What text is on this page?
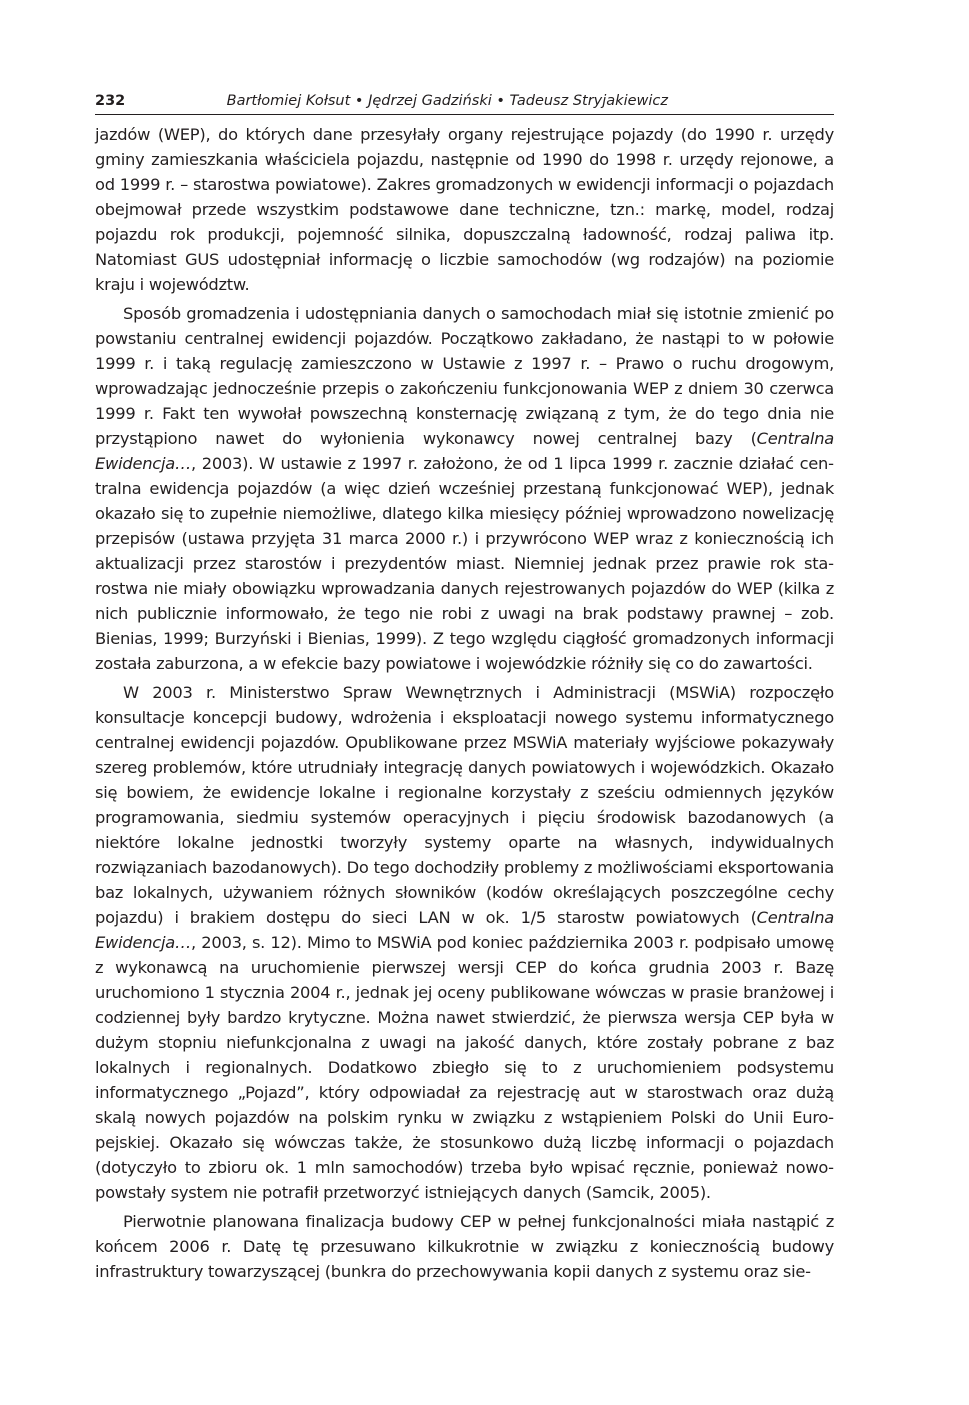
232	Bartłomiej Kołsut • Jędrzej Gadziński • Tadeusz Stryjakiewicz

jazdów (WEP), do których dane przesyłały organy rejestrujące pojazdy (do 1990 r. urzędy gminy zamieszkania właściciela pojazdu, następnie od 1990 do 1998 r. urzędy rejonowe, a od 1999 r. – starostwa powiatowe). Zakres gromadzonych w ewidencji informacji o pojazdach obejmował przede wszystkim podstawowe dane techniczne, tzn.: markę, model, rodzaj pojazdu rok produkcji, pojemność silnika, dopuszczalną ładowność, rodzaj paliwa itp. Natomiast GUS udostępniał informację o liczbie samochodów (wg rodzajów) na poziomie kraju i województw.

Sposób gromadzenia i udostępniania danych o samochodach miał się istotnie zmienić po powstaniu centralnej ewidencji pojazdów. Początkowo zakładano, że nastąpi to w połowie 1999 r. i taką regulację zamieszczono w Ustawie z 1997 r. – Prawo o ruchu drogowym, wprowadzając jednocześnie przepis o zakończeniu funkcjonowania WEP z dniem 30 czerwca 1999 r. Fakt ten wywołał powszechną konsternację związaną z tym, że do tego dnia nie przystąpiono nawet do wyłonienia wykonawcy nowej centralnej bazy (Centralna Ewidencja…, 2003). W ustawie z 1997 r. założono, że od 1 lipca 1999 r. zacznie działać centralna ewidencja pojazdów (a więc dzień wcześniej przestaną funkcjonować WEP), jednak okazało się to zupełnie niemożliwe, dlatego kilka miesięcy później wprowadzono nowelizację przepisów (ustawa przyjęta 31 marca 2000 r.) i przywrócono WEP wraz z koniecznością ich aktualizacji przez starostów i prezydentów miast. Niemniej jednak przez prawie rok starostwa nie miały obowiązku wprowadzania danych rejestrowanych pojazdów do WEP (kilka z nich publicznie informowało, że tego nie robi z uwagi na brak podstawy prawnej – zob. Bienias, 1999; Burzyński i Bienias, 1999). Z tego względu ciągłość gromadzonych informacji została zaburzona, a w efekcie bazy powiatowe i wojewódzkie różniły się co do zawartości.

W 2003 r. Ministerstwo Spraw Wewnętrznych i Administracji (MSWiA) rozpoczęło konsultacje koncepcji budowy, wdrożenia i eksploatacji nowego systemu informatycznego centralnej ewidencji pojazdów. Opublikowane przez MSWiA materiały wyjściowe pokazywały szereg problemów, które utrudniały integrację danych powiatowych i wojewódzkich. Okazało się bowiem, że ewidencje lokalne i regionalne korzystały z sześciu odmiennych języków programowania, siedmiu systemów operacyjnych i pięciu środowisk bazodanowych (a niektóre lokalne jednostki tworzyły systemy oparte na własnych, indywidualnych rozwiązaniach bazodanowych). Do tego dochodziły problemy z możliwościami eksportowania baz lokalnych, używaniem różnych słowników (kodów określających poszczególne cechy pojazdu) i brakiem dostępu do sieci LAN w ok. 1/5 starostw powiatowych (Centralna Ewidencja…, 2003, s. 12). Mimo to MSWiA pod koniec października 2003 r. podpisało umowę z wykonawcą na uruchomienie pierwszej wersji CEP do końca grudnia 2003 r. Bazę uruchomiono 1 stycznia 2004 r., jednak jej oceny publikowane wówczas w prasie branżowej i codziennej były bardzo krytyczne. Można nawet stwierdzić, że pierwsza wersja CEP była w dużym stopniu niefunkcjonalna z uwagi na jakość danych, które zostały pobrane z baz lokalnych i regionalnych. Dodatkowo zbiegło się to z uruchomieniem podsystemu informatycznego „Pojazd”, który odpowiadał za rejestrację aut w starostwach oraz dużą skalą nowych pojazdów na polskim rynku w związku z wstąpieniem Polski do Unii Europejskiej. Okazało się wówczas także, że stosunkowo dużą liczbę informacji o pojazdach (dotyczyło to zbioru ok. 1 mln samochodów) trzeba było wpisać ręcznie, ponieważ nowopowstały system nie potrafił przetworzyć istniejących danych (Samcik, 2005).

Pierwotnie planowana finalizacja budowy CEP w pełnej funkcjonalności miała nastąpić z końcem 2006 r. Datę tę przesuwano kilkukrotnie w związku z koniecznością budowy infrastruktury towarzyszącej (bunkra do przechowywania kopii danych z systemu oraz sie-
